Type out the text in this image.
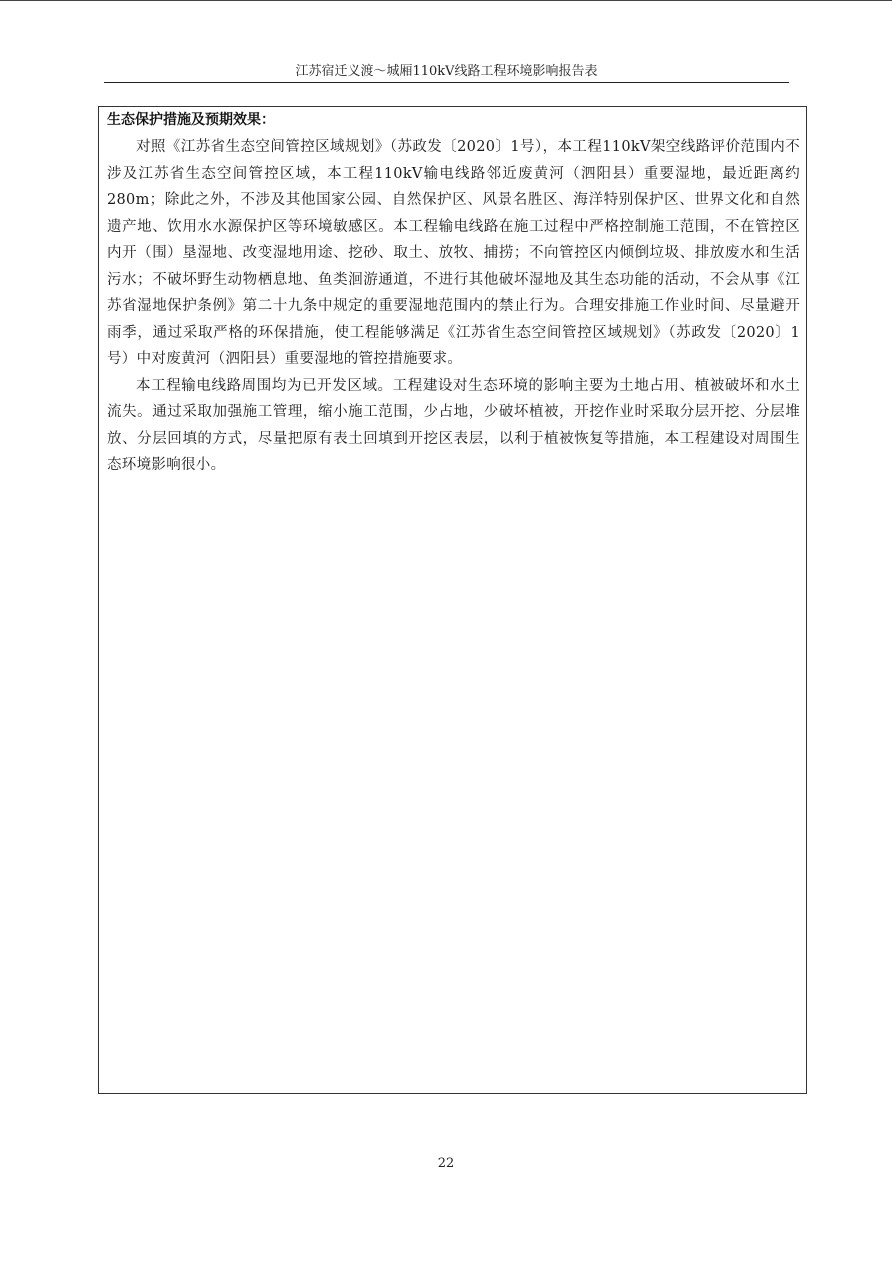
江苏宿迁义渡～城厢110kV线路工程环境影响报告表
生态保护措施及预期效果：

对照《江苏省生态空间管控区域规划》（苏政发〔2020〕1号），本工程110kV架空线路评价范围内不涉及江苏省生态空间管控区域，本工程110kV输电线路邻近废黄河（泗阳县）重要湿地，最近距离约280m；除此之外，不涉及其他国家公园、自然保护区、风景名胜区、海洋特别保护区、世界文化和自然遗产地、饮用水水源保护区等环境敏感区。本工程输电线路在施工过程中严格控制施工范围，不在管控区内开（围）垦湿地、改变湿地用途、挖砂、取土、放牧、捕捞；不向管控区内倾倒垃圾、排放废水和生活污水；不破坏野生动物栖息地、鱼类洄游通道，不进行其他破坏湿地及其生态功能的活动，不会从事《江苏省湿地保护条例》第二十九条中规定的重要湿地范围内的禁止行为。合理安排施工作业时间、尽量避开雨季，通过采取严格的环保措施，使工程能够满足《江苏省生态空间管控区域规划》（苏政发〔2020〕1号）中对废黄河（泗阳县）重要湿地的管控措施要求。

本工程输电线路周围均为已开发区域。工程建设对生态环境的影响主要为土地占用、植被破坏和水土流失。通过采取加强施工管理，缩小施工范围，少占地，少破坏植被，开挖作业时采取分层开挖、分层堆放、分层回填的方式，尽量把原有表土回填到开挖区表层，以利于植被恢复等措施，本工程建设对周围生态环境影响很小。

22
